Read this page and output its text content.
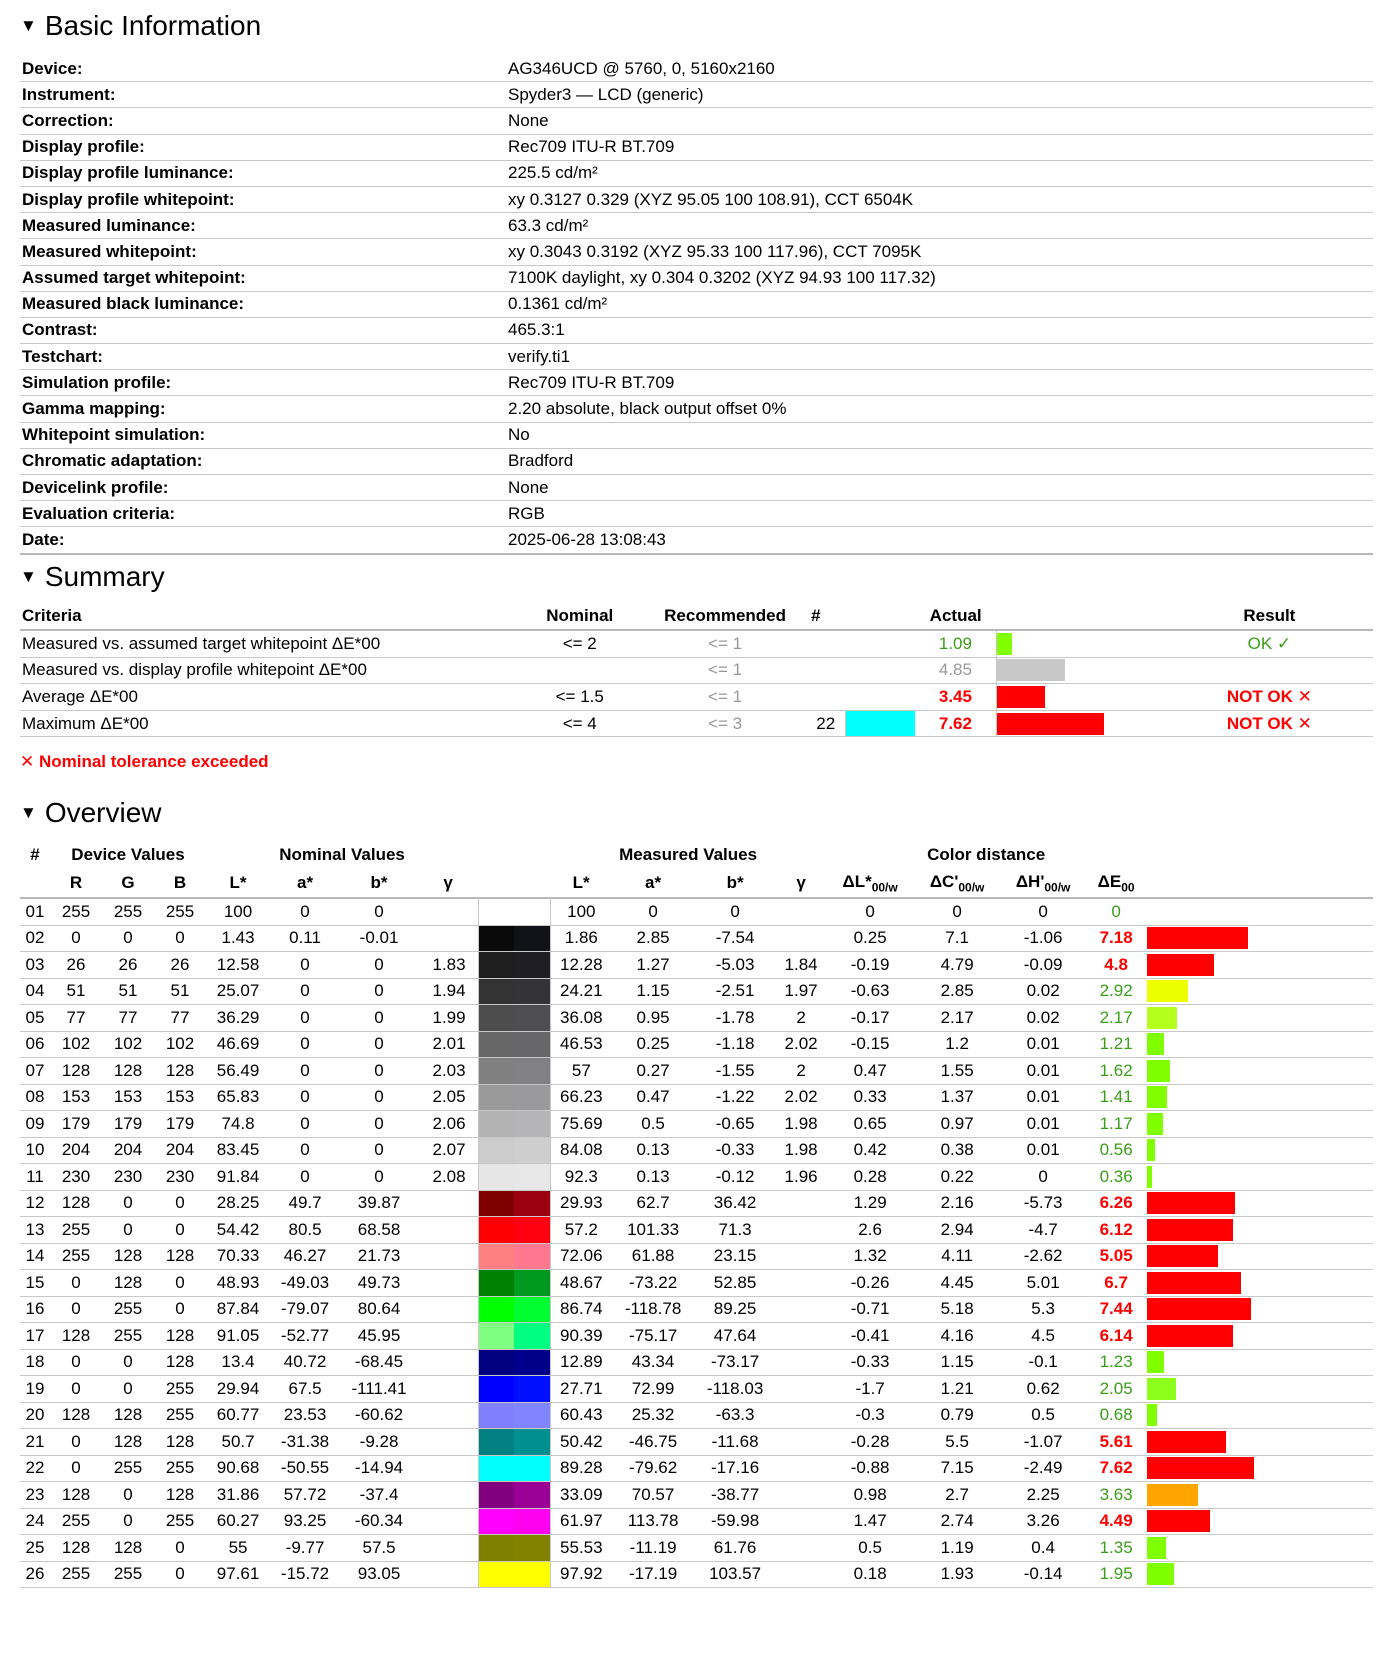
▼ Basic Information
Device:	AG346UCD @ 5760, 0, 5160x2160
Instrument:	Spyder3 — LCD (generic)
Correction:	None
Display profile:	Rec709 ITU-R BT.709
Display profile luminance:	225.5 cd/m²
Display profile whitepoint:	xy 0.3127 0.329 (XYZ 95.05 100 108.91), CCT 6504K
Measured luminance:	63.3 cd/m²
Measured whitepoint:	xy 0.3043 0.3192 (XYZ 95.33 100 117.96), CCT 7095K
Assumed target whitepoint:	7100K daylight, xy 0.304 0.3202 (XYZ 94.93 100 117.32)
Measured black luminance:	0.1361 cd/m²
Contrast:	465.3:1
Testchart:	verify.ti1
Simulation profile:	Rec709 ITU-R BT.709
Gamma mapping:	2.20 absolute, black output offset 0%
Whitepoint simulation:	No
Chromatic adaptation:	Bradford
Devicelink profile:	None
Evaluation criteria:	RGB
Date:	2025-06-28 13:08:43
▼ Summary
Criteria	Nominal	Recommended	#		Actual		Result
Measured vs. assumed target whitepoint ΔE*00	<= 2	<= 1			1.09		OK ✓
Measured vs. display profile whitepoint ΔE*00		<= 1			4.85	

Average ΔE*00	<= 1.5	<= 1			3.45		NOT OK ✕
Maximum ΔE*00	<= 4	<= 3	22		7.62		NOT OK ✕
✕ Nominal tolerance exceeded
▼ Overview
#	Device Values			Nominal Values					Measured Values				Color distance				
	R	G	B	L*	a*	b*	γ		L*	a*	b*	γ	$\Delta L*_{00/w}$	$\Delta C'_{00/w}$	$\Delta H'_{00/w}$	$\Delta E_{00}$	
01	255	255	255	100	0	0			100	0	0		0	0	0	0	

02	0	0	0	1.43	0.11	-0.01			1.86	2.85	-7.54		0.25	7.1	-1.06	7.18	

03	26	26	26	12.58	0	0	1.83		12.28	1.27	-5.03	1.84	-0.19	4.79	-0.09	4.8	

04	51	51	51	25.07	0	0	1.94		24.21	1.15	-2.51	1.97	-0.63	2.85	0.02	2.92	

05	77	77	77	36.29	0	0	1.99		36.08	0.95	-1.78	2	-0.17	2.17	0.02	2.17	

06	102	102	102	46.69	0	0	2.01		46.53	0.25	-1.18	2.02	-0.15	1.2	0.01	1.21	

07	128	128	128	56.49	0	0	2.03		57	0.27	-1.55	2	0.47	1.55	0.01	1.62	

08	153	153	153	65.83	0	0	2.05		66.23	0.47	-1.22	2.02	0.33	1.37	0.01	1.41	

09	179	179	179	74.8	0	0	2.06		75.69	0.5	-0.65	1.98	0.65	0.97	0.01	1.17	

10	204	204	204	83.45	0	0	2.07		84.08	0.13	-0.33	1.98	0.42	0.38	0.01	0.56	

11	230	230	230	91.84	0	0	2.08		92.3	0.13	-0.12	1.96	0.28	0.22	0	0.36	

12	128	0	0	28.25	49.7	39.87			29.93	62.7	36.42		1.29	2.16	-5.73	6.26	

13	255	0	0	54.42	80.5	68.58			57.2	101.33	71.3		2.6	2.94	-4.7	6.12	

14	255	128	128	70.33	46.27	21.73			72.06	61.88	23.15		1.32	4.11	-2.62	5.05	

15	0	128	0	48.93	-49.03	49.73			48.67	-73.22	52.85		-0.26	4.45	5.01	6.7	

16	0	255	0	87.84	-79.07	80.64			86.74	-118.78	89.25		-0.71	5.18	5.3	7.44	

17	128	255	128	91.05	-52.77	45.95			90.39	-75.17	47.64		-0.41	4.16	4.5	6.14	

18	0	0	128	13.4	40.72	-68.45			12.89	43.34	-73.17		-0.33	1.15	-0.1	1.23	

19	0	0	255	29.94	67.5	-111.41			27.71	72.99	-118.03		-1.7	1.21	0.62	2.05	

20	128	128	255	60.77	23.53	-60.62			60.43	25.32	-63.3		-0.3	0.79	0.5	0.68	

21	0	128	128	50.7	-31.38	-9.28			50.42	-46.75	-11.68		-0.28	5.5	-1.07	5.61	

22	0	255	255	90.68	-50.55	-14.94			89.28	-79.62	-17.16		-0.88	7.15	-2.49	7.62	

23	128	0	128	31.86	57.72	-37.4			33.09	70.57	-38.77		0.98	2.7	2.25	3.63	

24	255	0	255	60.27	93.25	-60.34			61.97	113.78	-59.98		1.47	2.74	3.26	4.49	

25	128	128	0	55	-9.77	57.5			55.53	-11.19	61.76		0.5	1.19	0.4	1.35	

26	255	255	0	97.61	-15.72	93.05			97.92	-17.19	103.57		0.18	1.93	-0.14	1.95	
